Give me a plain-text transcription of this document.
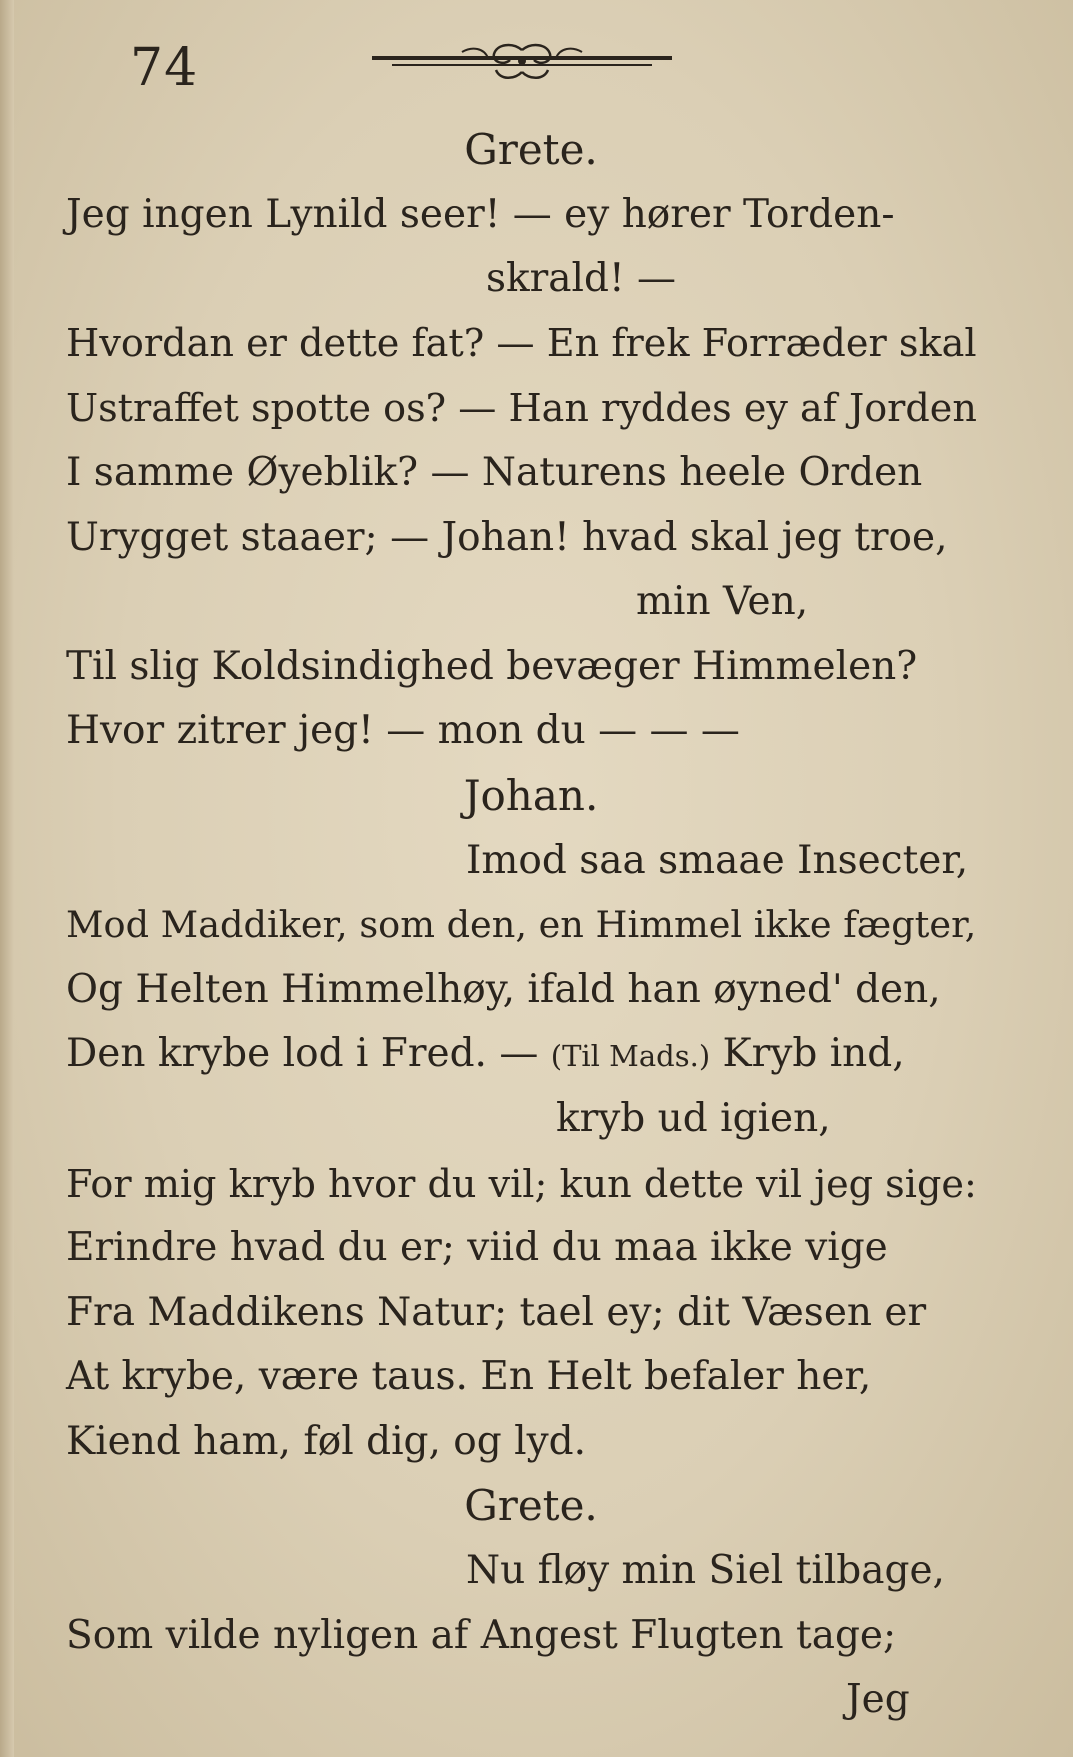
74
Grete.
Jeg ingen Lynild seer! — ey hører Torden-
skrald! —
Hvordan er dette fat? — En frek Forræder skal
Ustraffet spotte os? — Han ryddes ey af Jorden
I samme Øyeblik? — Naturens heele Orden
Urygget staaer; — Johan! hvad skal jeg troe,
min Ven,
Til slig Koldsindighed bevæger Himmelen?
Hvor zitrer jeg! — mon du — — —
Johan.
Imod saa smaae Insecter,
Mod Maddiker, som den, en Himmel ikke fægter,
Og Helten Himmelhøy, ifald han øyned' den,
Den krybe lod i Fred. — (Til Mads.) Kryb ind,
kryb ud igien,
For mig kryb hvor du vil; kun dette vil jeg sige:
Erindre hvad du er; viid du maa ikke vige
Fra Maddikens Natur; tael ey; dit Væsen er
At krybe, være taus. En Helt befaler her,
Kiend ham, føl dig, og lyd.
Grete.
Nu fløy min Siel tilbage,
Som vilde nyligen af Angest Flugten tage;
Jeg
